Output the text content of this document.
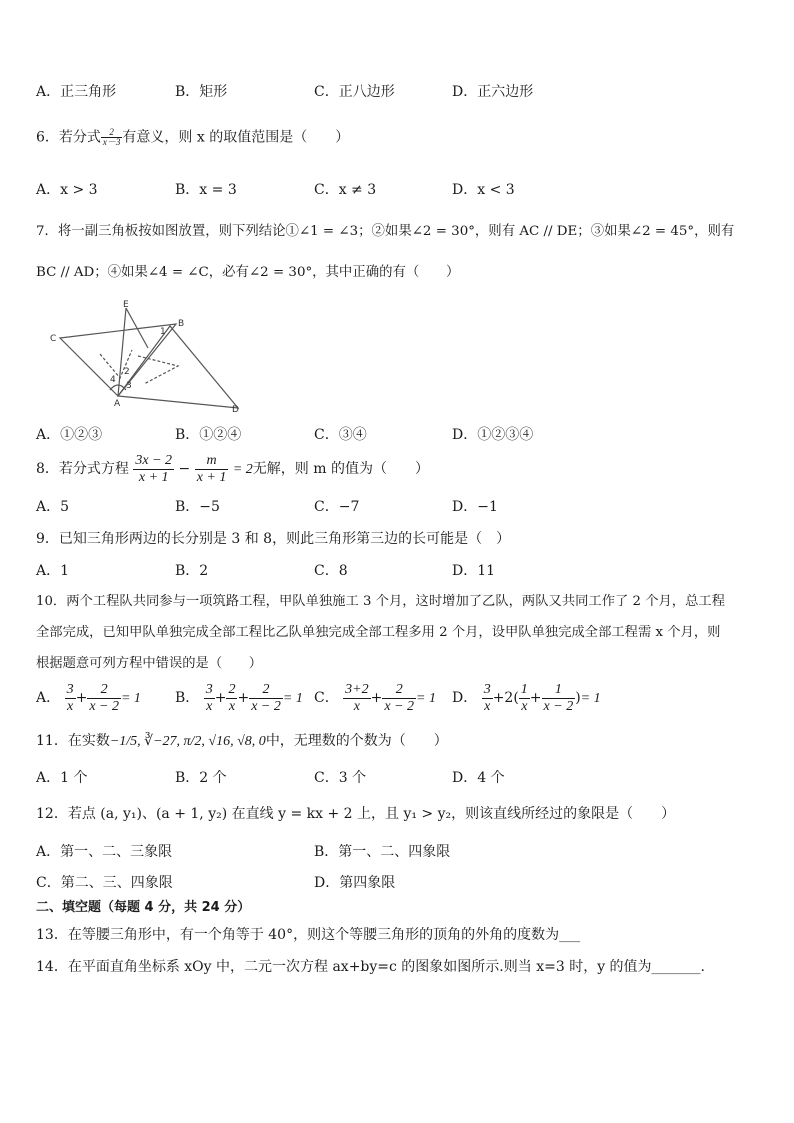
A．正三角形	B．矩形	C．正八边形	D．正六边形
6．若分式 $\frac{2}{x-3}$ 有意义，则 x 的取值范围是（　　）
A．x > 3	B．x = 3	C．x ≠ 3	D．x < 3
7．将一副三角板按如图放置，则下列结论①∠1 = ∠3；②如果∠2 = 30°，则有 AC // DE；③如果∠2 = 45°，则有
BC // AD；④如果∠4 = ∠C，必有∠2 = 30°，其中正确的有（　　）
E
B
C
1
2
3
4
A
D
A．①②③	B．①②④	C．③④	D．①②③④
8．若分式方程 $\frac{3x - 2}{x + 1} - \frac{m}{x + 1} = 2$无解，则 m 的值为（　　）
A．5	B．−5	C．−7	D．−1
9．已知三角形两边的长分别是 3 和 8，则此三角形第三边的长可能是（　）
A．1	B．2	C．8	D．11
10．两个工程队共同参与一项筑路工程，甲队单独施工 3 个月，这时增加了乙队，两队又共同工作了 2 个月，总工程
全部完成，已知甲队单独完成全部工程比乙队单独完成全部工程多用 2 个月，设甲队单独完成全部工程需 x 个月，则
根据题意可列方程中错误的是（　　）
A． $\frac{3}{x} + \frac{2}{x - 2} = 1$ B． $\frac{3}{x} + \frac{2}{x} + \frac{2}{x - 2} = 1$ C． $\frac{3+2}{x} + \frac{2}{x - 2} = 1$ D． $\frac{3}{x} +2( \frac{1}{x} + \frac{1}{x - 2}$ )= 1
11．在实数−1/5, ∛−27, π/2, √16, √8, 0中，无理数的个数为（　　）
A．1 个	B．2 个	C．3 个	D．4 个
12．若点 (a, y₁)、(a + 1, y₂) 在直线 y = kx + 2 上，且 y₁ > y₂，则该直线所经过的象限是（　　）
A．第一、二、三象限	B．第一、二、四象限
C．第二、三、四象限	D．第四象限
二、填空题（每题 4 分，共 24 分）
13．在等腰三角形中，有一个角等于 40°，则这个等腰三角形的顶角的外角的度数为___
14．在平面直角坐标系 xOy 中，二元一次方程 ax+by=c 的图象如图所示.则当 x=3 时，y 的值为_______.
